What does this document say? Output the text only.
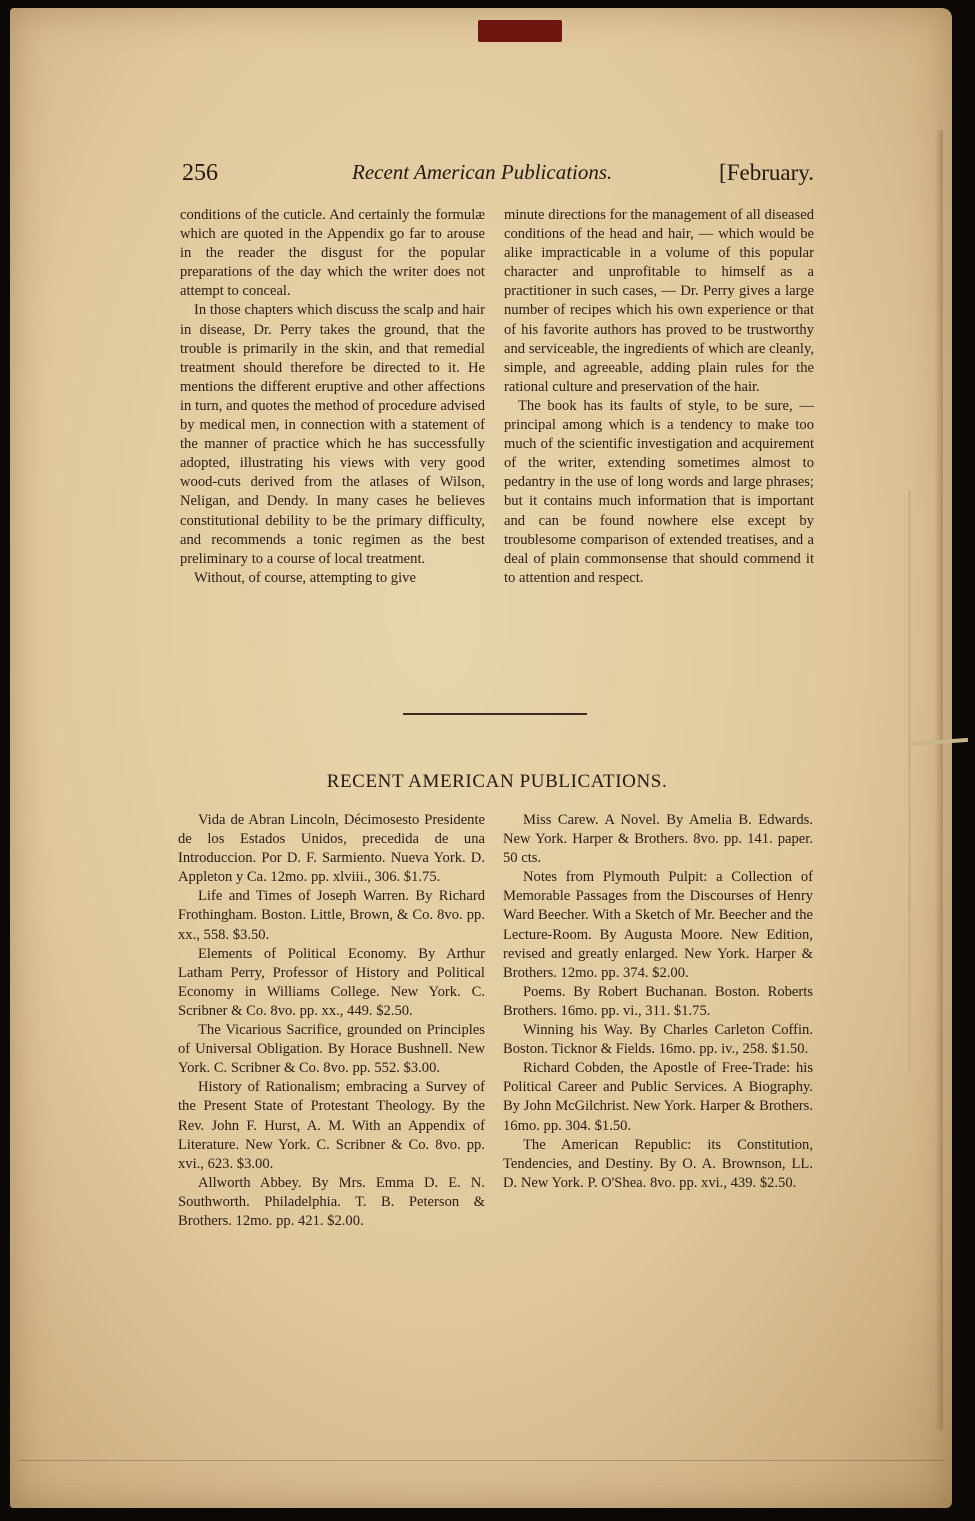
256	Recent American Publications.	[February.

conditions of the cuticle. And certainly the formulæ which are quoted in the Appendix go far to arouse in the reader the disgust for the popular preparations of the day which the writer does not attempt to conceal.

In those chapters which discuss the scalp and hair in disease, Dr. Perry takes the ground, that the trouble is primarily in the skin, and that remedial treatment should therefore be directed to it. He mentions the different eruptive and other affections in turn, and quotes the method of procedure advised by medical men, in connection with a statement of the manner of practice which he has successfully adopted, illustrating his views with very good wood-cuts derived from the atlases of Wilson, Neligan, and Dendy. In many cases he believes constitutional debility to be the primary difficulty, and recommends a tonic regimen as the best preliminary to a course of local treatment.

Without, of course, attempting to give

minute directions for the management of all diseased conditions of the head and hair, — which would be alike impracticable in a volume of this popular character and unprofitable to himself as a practitioner in such cases, — Dr. Perry gives a large number of recipes which his own experience or that of his favorite authors has proved to be trustworthy and serviceable, the ingredients of which are cleanly, simple, and agreeable, adding plain rules for the rational culture and preservation of the hair.

The book has its faults of style, to be sure, — principal among which is a tendency to make too much of the scientific investigation and acquirement of the writer, extending sometimes almost to pedantry in the use of long words and large phrases; but it contains much information that is important and can be found nowhere else except by troublesome comparison of extended treatises, and a deal of plain commonsense that should commend it to attention and respect.

RECENT AMERICAN PUBLICATIONS.

Vida de Abran Lincoln, Décimosesto Presidente de los Estados Unidos, precedida de una Introduccion. Por D. F. Sarmiento. Nueva York. D. Appleton y Ca. 12mo. pp. xlviii., 306. $1.75.

Life and Times of Joseph Warren. By Richard Frothingham. Boston. Little, Brown, & Co. 8vo. pp. xx., 558. $3.50.

Elements of Political Economy. By Arthur Latham Perry, Professor of History and Political Economy in Williams College. New York. C. Scribner & Co. 8vo. pp. xx., 449. $2.50.

The Vicarious Sacrifice, grounded on Principles of Universal Obligation. By Horace Bushnell. New York. C. Scribner & Co. 8vo. pp. 552. $3.00.

History of Rationalism; embracing a Survey of the Present State of Protestant Theology. By the Rev. John F. Hurst, A. M. With an Appendix of Literature. New York. C. Scribner & Co. 8vo. pp. xvi., 623. $3.00.

Allworth Abbey. By Mrs. Emma D. E. N. Southworth. Philadelphia. T. B. Peterson & Brothers. 12mo. pp. 421. $2.00.

Miss Carew. A Novel. By Amelia B. Edwards. New York. Harper & Brothers. 8vo. pp. 141. paper. 50 cts.

Notes from Plymouth Pulpit: a Collection of Memorable Passages from the Discourses of Henry Ward Beecher. With a Sketch of Mr. Beecher and the Lecture-Room. By Augusta Moore. New Edition, revised and greatly enlarged. New York. Harper & Brothers. 12mo. pp. 374. $2.00.

Poems. By Robert Buchanan. Boston. Roberts Brothers. 16mo. pp. vi., 311. $1.75.

Winning his Way. By Charles Carleton Coffin. Boston. Ticknor & Fields. 16mo. pp. iv., 258. $1.50.

Richard Cobden, the Apostle of Free-Trade: his Political Career and Public Services. A Biography. By John McGilchrist. New York. Harper & Brothers. 16mo. pp. 304. $1.50.

The American Republic: its Constitution, Tendencies, and Destiny. By O. A. Brownson, LL. D. New York. P. O'Shea. 8vo. pp. xvi., 439. $2.50.
